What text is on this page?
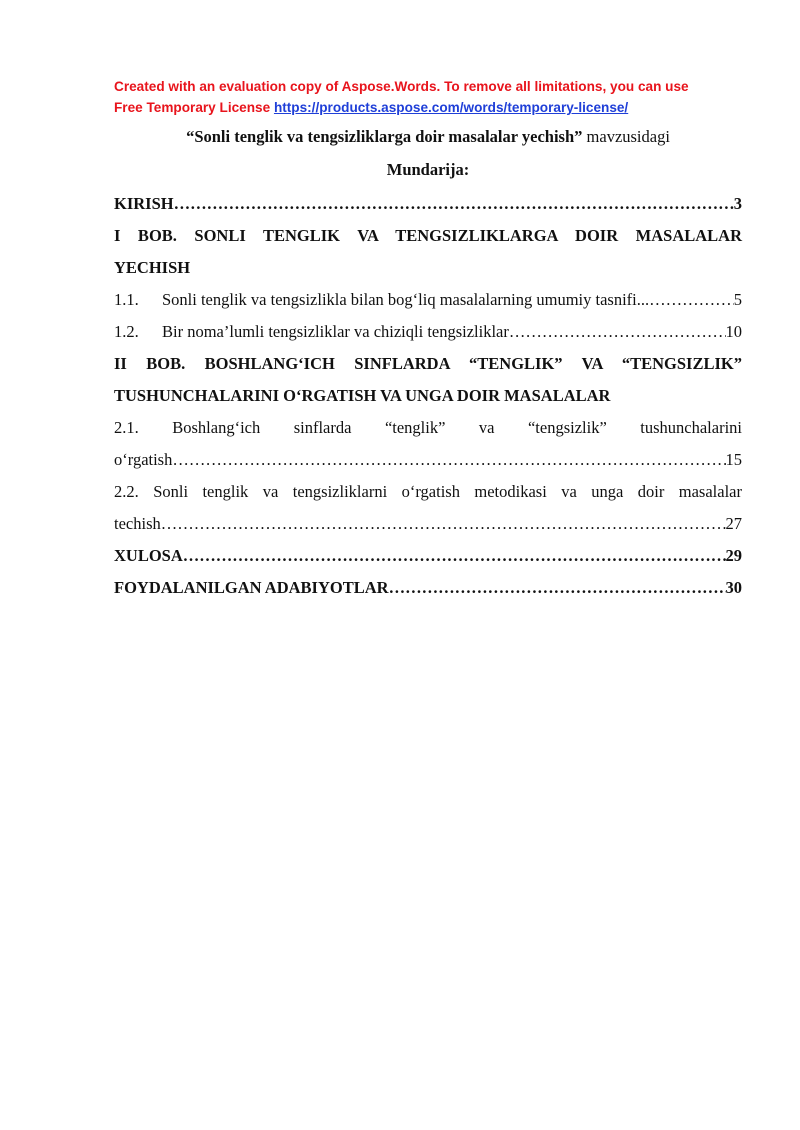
Created with an evaluation copy of Aspose.Words. To remove all limitations, you can use
Free Temporary License https://products.aspose.com/words/temporary-license/
“Sonli tenglik va tengsizliklarga doir masalalar yechish” mavzusidagi
Mundarija:
KIRISH ……………………………………………………………………………………………………………………………………………………………………………………	3
I BOB. SONLI TENGLIK VA TENGSIZLIKLARGA DOIR MASALALAR
YECHISH
1.1.	Sonli tenglik va tengsizlikla bilan bog‘liq masalalarning umumiy tasnifi... ……………………………………………………………………………………………………………………………………………………………………………………	5
1.2.	Bir noma’lumli tengsizliklar va chiziqli tengsizliklar ……………………………………………………………………………………………………………………………………………………………………………………	10
II BOB. BOSHLANG‘ICH SINFLARDA “TENGLIK” VA “TENGSIZLIK”
TUSHUNCHALARINI O‘RGATISH VA UNGA DOIR MASALALAR
2.1. Boshlang‘ich sinflarda “tenglik” va “tengsizlik” tushunchalarini
o‘rgatish ……………………………………………………………………………………………………………………………………………………………………………………	15
2.2. Sonli tenglik va tengsizliklarni o‘rgatish metodikasi va unga doir masalalar
techish ……………………………………………………………………………………………………………………………………………………………………………………	27
XULOSA ……………………………………………………………………………………………………………………………………………………………………………………	29
FOYDALANILGAN ADABIYOTLAR ……………………………………………………………………………………………………………………………………………………………………………………	30
